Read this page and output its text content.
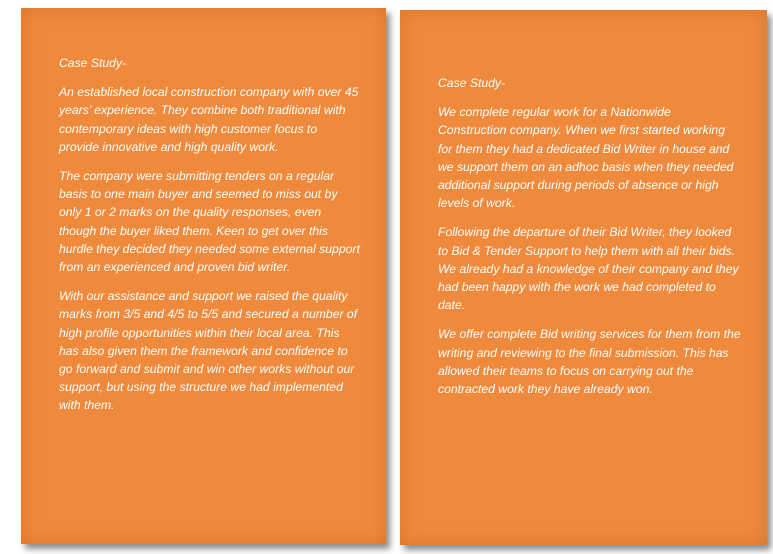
Case Study-

An established local construction company with over 45 years’ experience. They combine both traditional with contemporary ideas with high customer focus to provide innovative and high quality work.

The company were submitting tenders on a regular basis to one main buyer and seemed to miss out by only 1 or 2 marks on the quality responses, even though the buyer liked them. Keen to get over this hurdle they decided they needed some external support from an experienced and proven bid writer.

With our assistance and support we raised the quality marks from 3/5 and 4/5 to 5/5 and secured a number of high profile opportunities within their local area. This has also given them the framework and confidence to go forward and submit and win other works without our support, but using the structure we had implemented with them.

Case Study-

We complete regular work for a Nationwide Construction company. When we first started working for them they had a dedicated Bid Writer in house and we support them on an adhoc basis when they needed additional support during periods of absence or high levels of work.

Following the departure of their Bid Writer, they looked to Bid & Tender Support to help them with all their bids. We already had a knowledge of their company and they had been happy with the work we had completed to date.

We offer complete Bid writing services for them from the writing and reviewing to the final submission. This has allowed their teams to focus on carrying out the contracted work they have already won.
